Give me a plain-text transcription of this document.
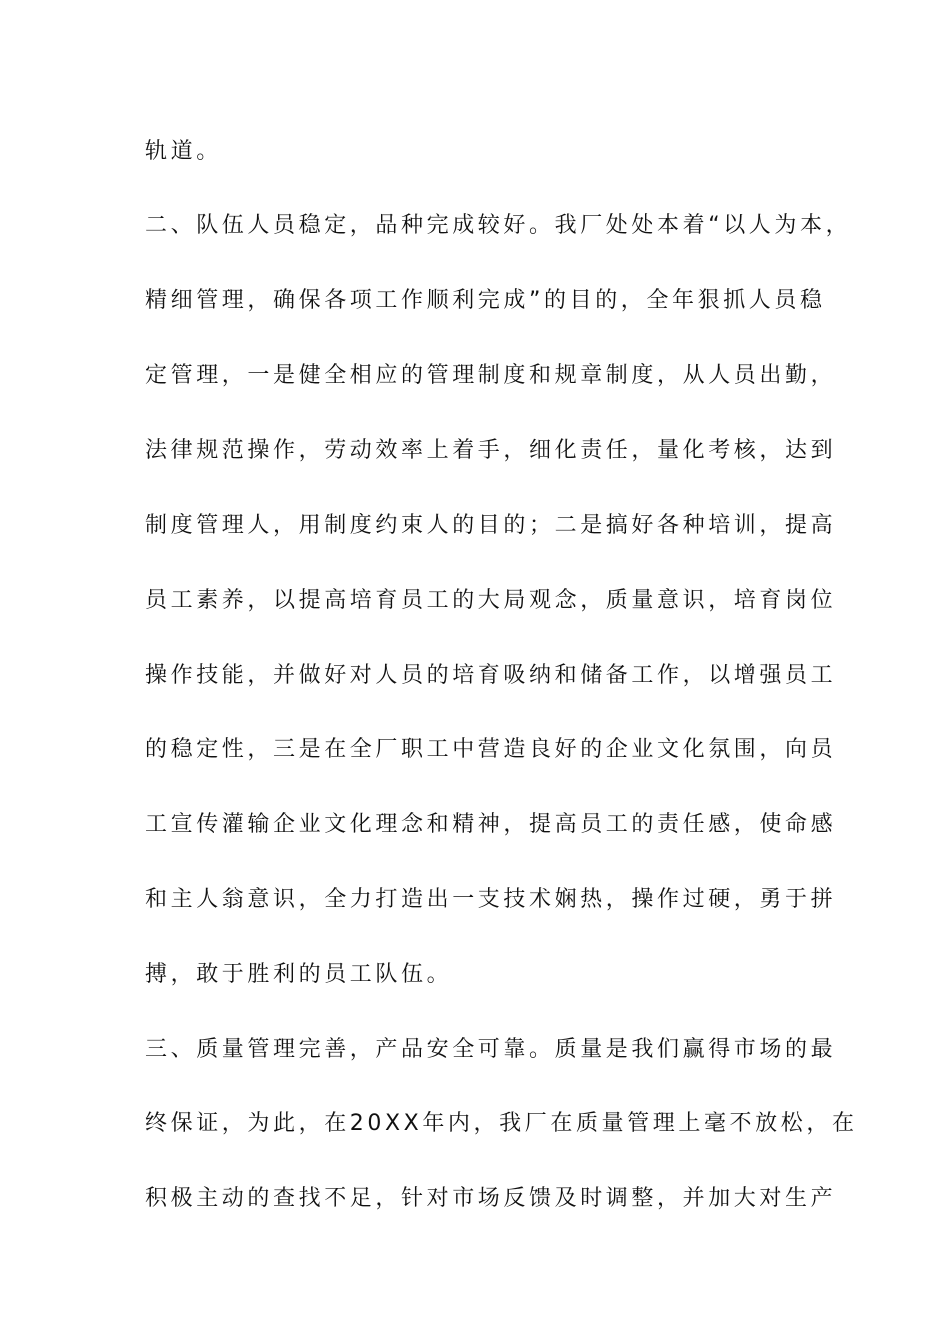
轨道。
二、队伍人员稳定，品种完成较好。我厂处处本着“以人为本，
精细管理，确保各项工作顺利完成”的目的，全年狠抓人员稳
定管理，一是健全相应的管理制度和规章制度，从人员出勤，
法律规范操作，劳动效率上着手，细化责任，量化考核，达到
制度管理人，用制度约束人的目的；二是搞好各种培训，提高
员工素养，以提高培育员工的大局观念，质量意识，培育岗位
操作技能，并做好对人员的培育吸纳和储备工作，以增强员工
的稳定性，三是在全厂职工中营造良好的企业文化氛围，向员
工宣传灌输企业文化理念和精神，提高员工的责任感，使命感
和主人翁意识，全力打造出一支技术娴热，操作过硬，勇于拼
搏，敢于胜利的员工队伍。
三、质量管理完善，产品安全可靠。质量是我们赢得市场的最
终保证，为此，在20XX年内，我厂在质量管理上毫不放松，在
积极主动的查找不足，针对市场反馈及时调整，并加大对生产
